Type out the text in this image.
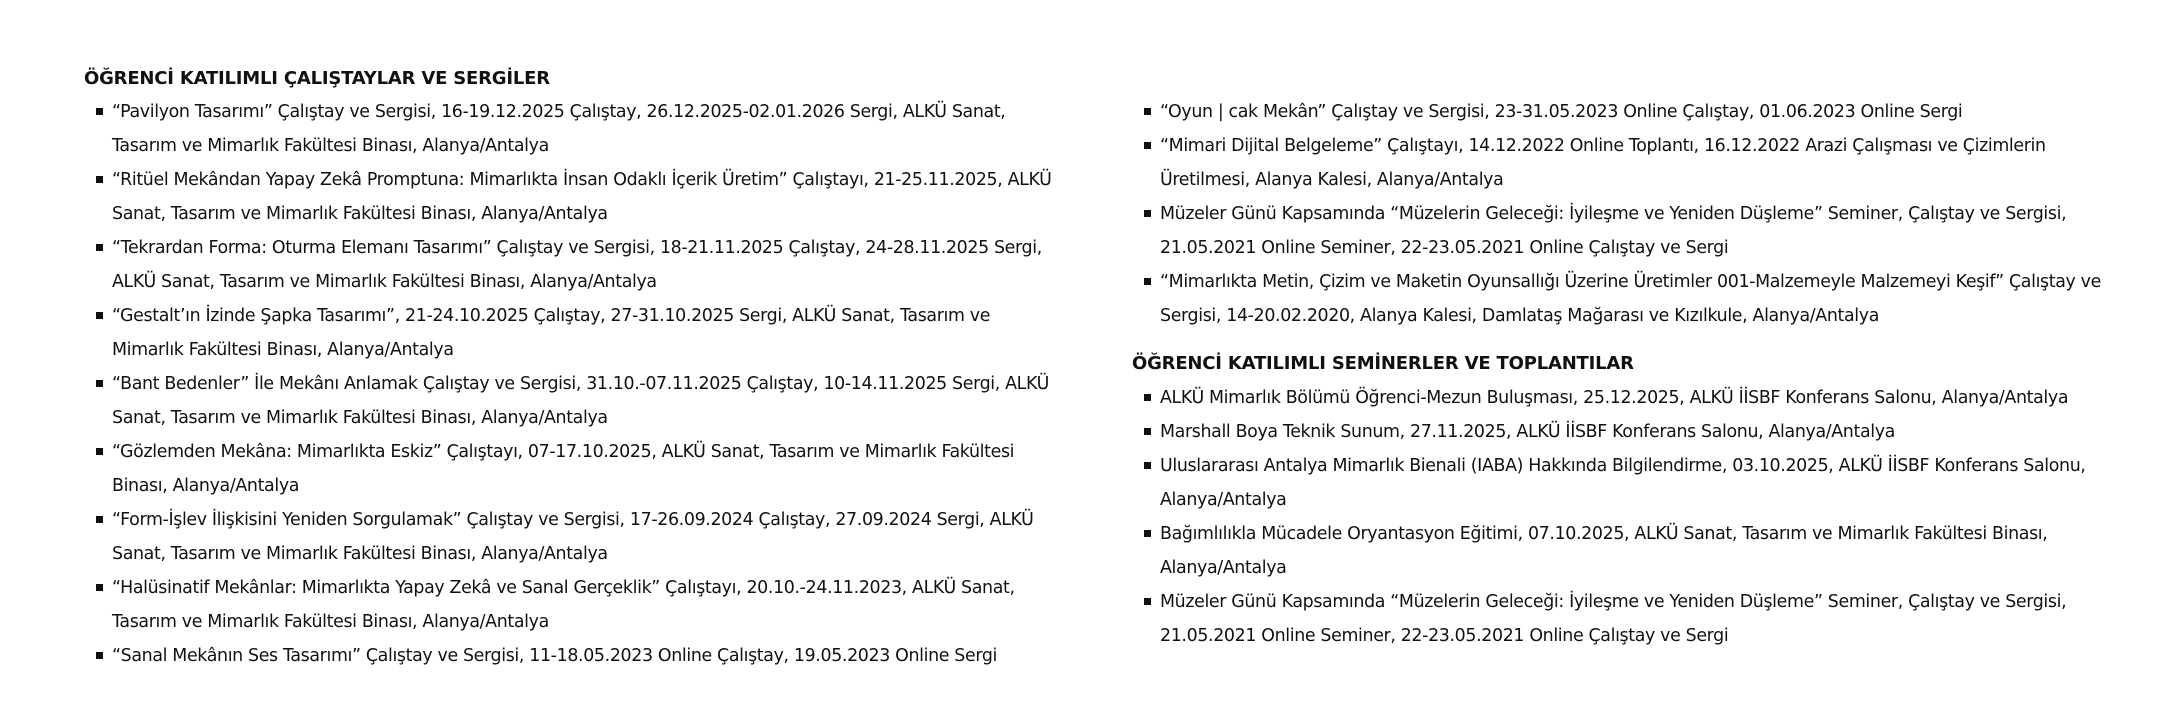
ÖĞRENCİ KATILIMLI ÇALIŞTAYLAR VE SERGİLER
“Pavilyon Tasarımı” Çalıştay ve Sergisi, 16-19.12.2025 Çalıştay, 26.12.2025-02.01.2026 Sergi, ALKÜ Sanat, Tasarım ve Mimarlık Fakültesi Binası, Alanya/Antalya
“Ritüel Mekândan Yapay Zekâ Promptuna: Mimarlıkta İnsan Odaklı İçerik Üretim” Çalıştayı, 21-25.11.2025, ALKÜ Sanat, Tasarım ve Mimarlık Fakültesi Binası, Alanya/Antalya
“Tekrardan Forma: Oturma Elemanı Tasarımı” Çalıştay ve Sergisi, 18-21.11.2025 Çalıştay, 24-28.11.2025 Sergi, ALKÜ Sanat, Tasarım ve Mimarlık Fakültesi Binası, Alanya/Antalya
“Gestalt’ın İzinde Şapka Tasarımı”, 21-24.10.2025 Çalıştay, 27-31.10.2025 Sergi, ALKÜ Sanat, Tasarım ve Mimarlık Fakültesi Binası, Alanya/Antalya
“Bant Bedenler” İle Mekânı Anlamak Çalıştay ve Sergisi, 31.10.-07.11.2025 Çalıştay, 10-14.11.2025 Sergi, ALKÜ Sanat, Tasarım ve Mimarlık Fakültesi Binası, Alanya/Antalya
“Gözlemden Mekâna: Mimarlıkta Eskiz” Çalıştayı, 07-17.10.2025, ALKÜ Sanat, Tasarım ve Mimarlık Fakültesi Binası, Alanya/Antalya
“Form-İşlev İlişkisini Yeniden Sorgulamak” Çalıştay ve Sergisi, 17-26.09.2024 Çalıştay, 27.09.2024 Sergi, ALKÜ Sanat, Tasarım ve Mimarlık Fakültesi Binası, Alanya/Antalya
“Halüsinatif Mekânlar: Mimarlıkta Yapay Zekâ ve Sanal Gerçeklik” Çalıştayı, 20.10.-24.11.2023, ALKÜ Sanat, Tasarım ve Mimarlık Fakültesi Binası, Alanya/Antalya
“Sanal Mekânın Ses Tasarımı” Çalıştay ve Sergisi, 11-18.05.2023 Online Çalıştay, 19.05.2023 Online Sergi
“Oyun | cak Mekân” Çalıştay ve Sergisi, 23-31.05.2023 Online Çalıştay, 01.06.2023 Online Sergi
“Mimari Dijital Belgeleme” Çalıştayı, 14.12.2022 Online Toplantı, 16.12.2022 Arazi Çalışması ve Çizimlerin Üretilmesi, Alanya Kalesi, Alanya/Antalya
Müzeler Günü Kapsamında “Müzelerin Geleceği: İyileşme ve Yeniden Düşleme” Seminer, Çalıştay ve Sergisi, 21.05.2021 Online Seminer, 22-23.05.2021 Online Çalıştay ve Sergi
“Mimarlıkta Metin, Çizim ve Maketin Oyunsallığı Üzerine Üretimler 001-Malzemeyle Malzemeyi Keşif” Çalıştay ve Sergisi, 14-20.02.2020, Alanya Kalesi, Damlataş Mağarası ve Kızılkule, Alanya/Antalya
ÖĞRENCİ KATILIMLI SEMİNERLER VE TOPLANTILAR
ALKÜ Mimarlık Bölümü Öğrenci-Mezun Buluşması, 25.12.2025, ALKÜ İİSBF Konferans Salonu, Alanya/Antalya
Marshall Boya Teknik Sunum, 27.11.2025, ALKÜ İİSBF Konferans Salonu, Alanya/Antalya
Uluslararası Antalya Mimarlık Bienali (IABA) Hakkında Bilgilendirme, 03.10.2025, ALKÜ İİSBF Konferans Salonu, Alanya/Antalya
Bağımlılıkla Mücadele Oryantasyon Eğitimi, 07.10.2025, ALKÜ Sanat, Tasarım ve Mimarlık Fakültesi Binası, Alanya/Antalya
Müzeler Günü Kapsamında “Müzelerin Geleceği: İyileşme ve Yeniden Düşleme” Seminer, Çalıştay ve Sergisi, 21.05.2021 Online Seminer, 22-23.05.2021 Online Çalıştay ve Sergi
